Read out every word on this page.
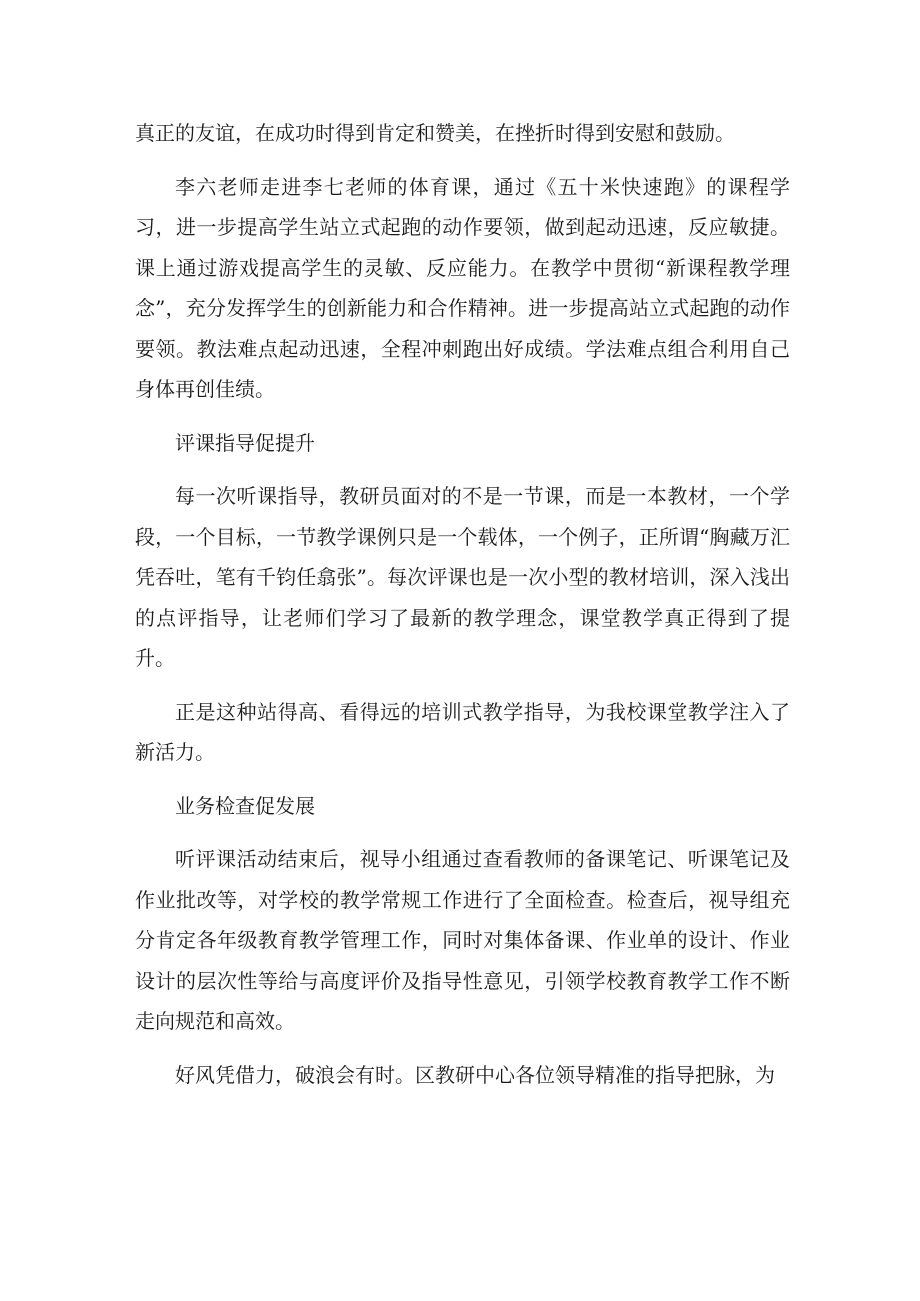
真正的友谊，在成功时得到肯定和赞美，在挫折时得到安慰和鼓励。

李六老师走进李七老师的体育课，通过《五十米快速跑》的课程学习，进一步提高学生站立式起跑的动作要领，做到起动迅速，反应敏捷。课上通过游戏提高学生的灵敏、反应能力。在教学中贯彻“新课程教学理念”，充分发挥学生的创新能力和合作精神。进一步提高站立式起跑的动作要领。教法难点起动迅速，全程冲刺跑出好成绩。学法难点组合利用自己身体再创佳绩。

评课指导促提升

每一次听课指导，教研员面对的不是一节课，而是一本教材，一个学段，一个目标，一节教学课例只是一个载体，一个例子，正所谓“胸藏万汇凭吞吐，笔有千钧任翕张”。每次评课也是一次小型的教材培训，深入浅出的点评指导，让老师们学习了最新的教学理念，课堂教学真正得到了提升。

正是这种站得高、看得远的培训式教学指导，为我校课堂教学注入了新活力。

业务检查促发展

听评课活动结束后，视导小组通过查看教师的备课笔记、听课笔记及作业批改等，对学校的教学常规工作进行了全面检查。检查后，视导组充分肯定各年级教育教学管理工作，同时对集体备课、作业单的设计、作业设计的层次性等给与高度评价及指导性意见，引领学校教育教学工作不断走向规范和高效。

好风凭借力，破浪会有时。区教研中心各位领导精准的指导把脉，为
